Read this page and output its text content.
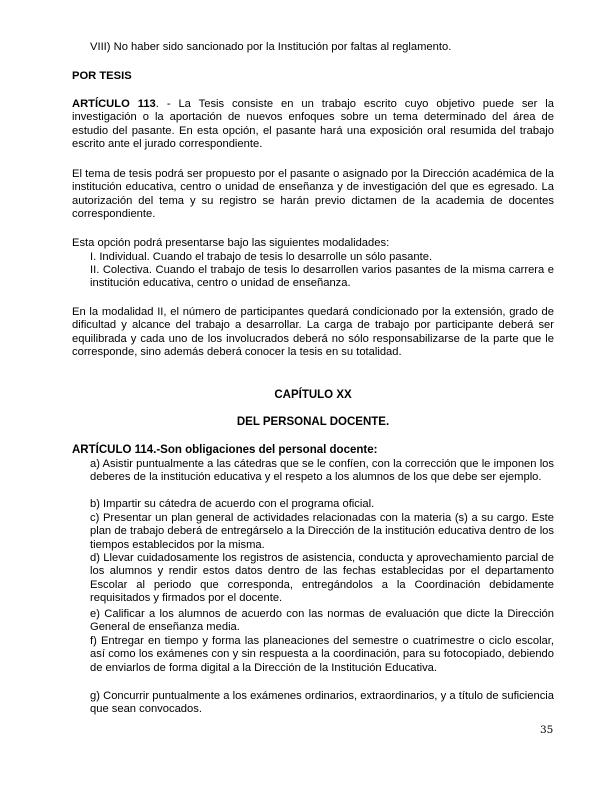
VIII) No haber sido sancionado por la Institución por faltas al reglamento.

POR TESIS

ARTÍCULO 113. - La Tesis consiste en un trabajo escrito cuyo objetivo puede ser la investigación o la aportación de nuevos enfoques sobre un tema determinado del área de estudio del pasante. En esta opción, el pasante hará una exposición oral resumida del trabajo escrito ante el jurado correspondiente.

El tema de tesis podrá ser propuesto por el pasante o asignado por la Dirección académica de la institución educativa, centro o unidad de enseñanza y de investigación del que es egresado. La autorización del tema y su registro se harán previo dictamen de la academia de docentes correspondiente.

Esta opción podrá presentarse bajo las siguientes modalidades:

I. Individual. Cuando el trabajo de tesis lo desarrolle un sólo pasante.

II. Colectiva. Cuando el trabajo de tesis lo desarrollen varios pasantes de la misma carrera e institución educativa, centro o unidad de enseñanza.

En la modalidad II, el número de participantes quedará condicionado por la extensión, grado de dificultad y alcance del trabajo a desarrollar. La carga de trabajo por participante deberá ser equilibrada y cada uno de los involucrados deberá no sólo responsabilizarse de la parte que le corresponde, sino además deberá conocer la tesis en su totalidad.

CAPÍTULO XX

DEL PERSONAL DOCENTE.

ARTÍCULO 114.-Son obligaciones del personal docente:

a) Asistir puntualmente a las cátedras que se le confíen, con la corrección que le imponen los deberes de la institución educativa y el respeto a los alumnos de los que debe ser ejemplo.

b) Impartir su cátedra de acuerdo con el programa oficial.

c) Presentar un plan general de actividades relacionadas con la materia (s) a su cargo. Este plan de trabajo deberá de entregárselo a la Dirección de la institución educativa dentro de los tiempos establecidos por la misma.

d) Llevar cuidadosamente los registros de asistencia, conducta y aprovechamiento parcial de los alumnos y rendir estos datos dentro de las fechas establecidas por el departamento Escolar al periodo que corresponda, entregándolos a la Coordinación debidamente requisitados y firmados por el docente.

e) Calificar a los alumnos de acuerdo con las normas de evaluación que dicte la Dirección General de enseñanza media.

f) Entregar en tiempo y forma las planeaciones del semestre o cuatrimestre o ciclo escolar, así como los exámenes con y sin respuesta a la coordinación, para su fotocopiado, debiendo de enviarlos de forma digital a la Dirección de la Institución Educativa.

g) Concurrir puntualmente a los exámenes ordinarios, extraordinarios, y a título de suficiencia que sean convocados.

35
